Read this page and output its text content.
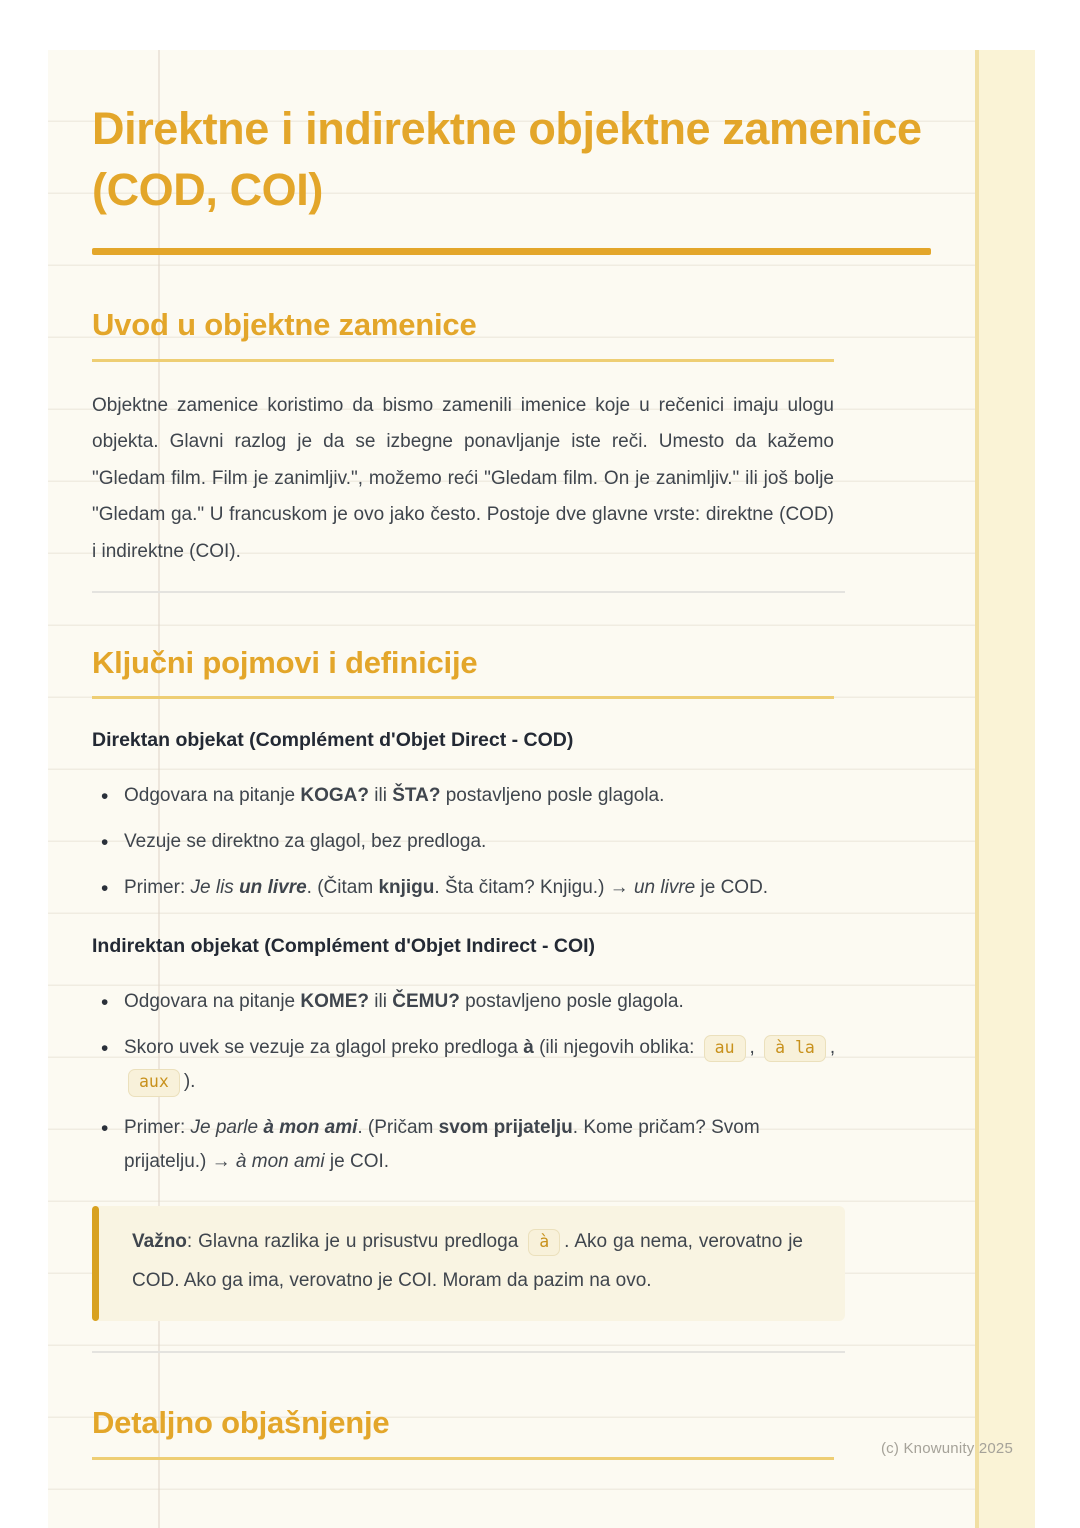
Direktne i indirektne objektne zamenice (COD, COI)
Uvod u objektne zamenice

Objektne zamenice koristimo da bismo zamenili imenice koje u rečenici imaju ulogu objekta. Glavni razlog je da se izbegne ponavljanje iste reči. Umesto da kažemo "Gledam film. Film je zanimljiv.", možemo reći "Gledam film. On je zanimljiv." ili još bolje "Gledam ga." U francuskom je ovo jako često. Postoje dve glavne vrste: direktne (COD) i indirektne (COI).

Ključni pojmovi i definicije
Direktan objekat (Complément d'Objet Direct - COD)
• Odgovara na pitanje KOGA? ili ŠTA? postavljeno posle glagola.
• Vezuje se direktno za glagol, bez predloga.
• Primer: Je lis un livre. (Čitam knjigu. Šta čitam? Knjigu.) → un livre je COD.
Indirektan objekat (Complément d'Objet Indirect - COI)
• Odgovara na pitanje KOME? ili ČEMU? postavljeno posle glagola.
• Skoro uvek se vezuje za glagol preko predloga à (ili njegovih oblika: au , à la , aux ).
• Primer: Je parle à mon ami. (Pričam svom prijatelju. Kome pričam? Svom prijatelju.) → à mon ami je COI.

Važno: Glavna razlika je u prisustvu predloga à . Ako ga nema, verovatno je COD. Ako ga ima, verovatno je COI. Moram da pazim na ovo.

Detaljno objašnjenje
(c) Knowunity 2025
